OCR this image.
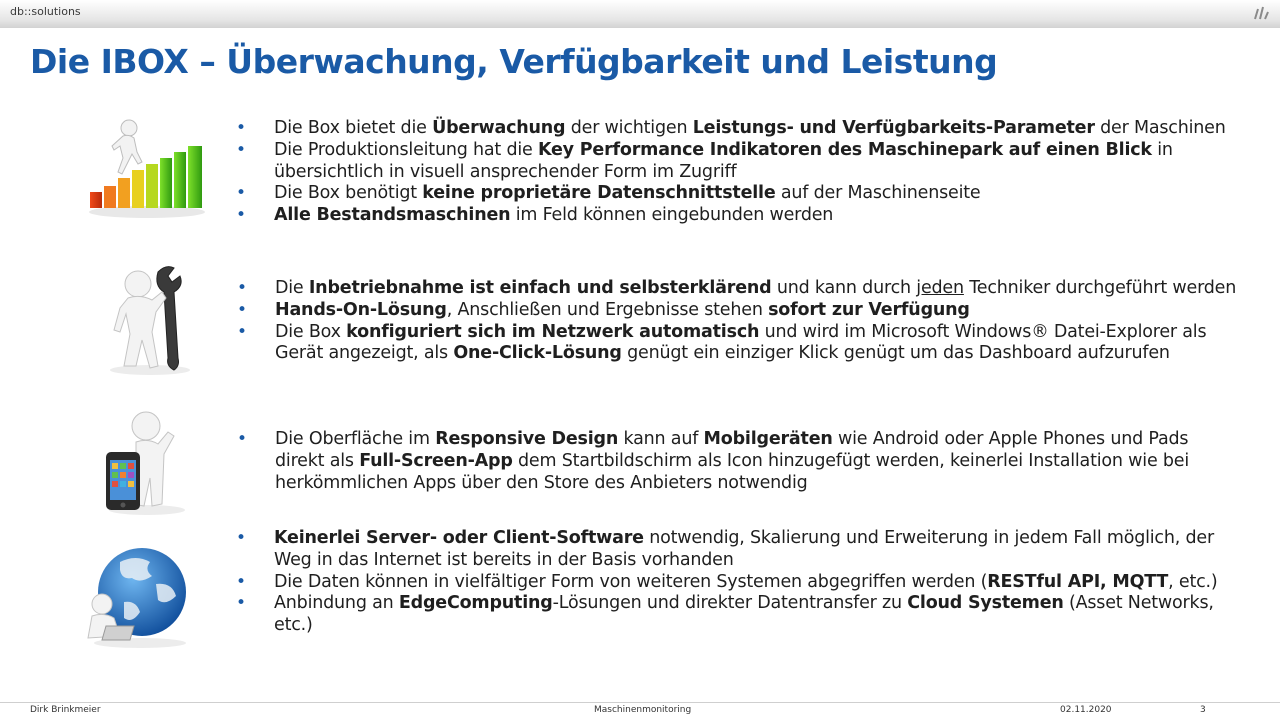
db::solutions
Die IBOX – Überwachung, Verfügbarkeit und Leistung
• Die Box bietet die Überwachung der wichtigen Leistungs- und Verfügbarkeits-Parameter der Maschinen
• Die Produktionsleitung hat die Key Performance Indikatoren des Maschinepark auf einen Blick in übersichtlich in visuell ansprechender Form im Zugriff
• Die Box benötigt keine proprietäre Datenschnittstelle auf der Maschinenseite
• Alle Bestandsmaschinen im Feld können eingebunden werden
• Die Inbetriebnahme ist einfach und selbsterklärend und kann durch jeden Techniker durchgeführt werden
• Hands-On-Lösung, Anschließen und Ergebnisse stehen sofort zur Verfügung
• Die Box konfiguriert sich im Netzwerk automatisch und wird im Microsoft Windows® Datei-Explorer als Gerät angezeigt, als One-Click-Lösung genügt ein einziger Klick genügt um das Dashboard aufzurufen
• Die Oberfläche im Responsive Design kann auf Mobilgeräten wie Android oder Apple Phones und Pads direkt als Full-Screen-App dem Startbildschirm als Icon hinzugefügt werden, keinerlei Installation wie bei herkömmlichen Apps über den Store des Anbieters notwendig
• Keinerlei Server- oder Client-Software notwendig, Skalierung und Erweiterung in jedem Fall möglich, der Weg in das Internet ist bereits in der Basis vorhanden
• Die Daten können in vielfältiger Form von weiteren Systemen abgegriffen werden (RESTful API, MQTT, etc.)
• Anbindung an EdgeComputing-Lösungen und direkter Datentransfer zu Cloud Systemen (Asset Networks, etc.)
Dirk Brinkmeier	Maschinenmonitoring	02.11.2020	3
